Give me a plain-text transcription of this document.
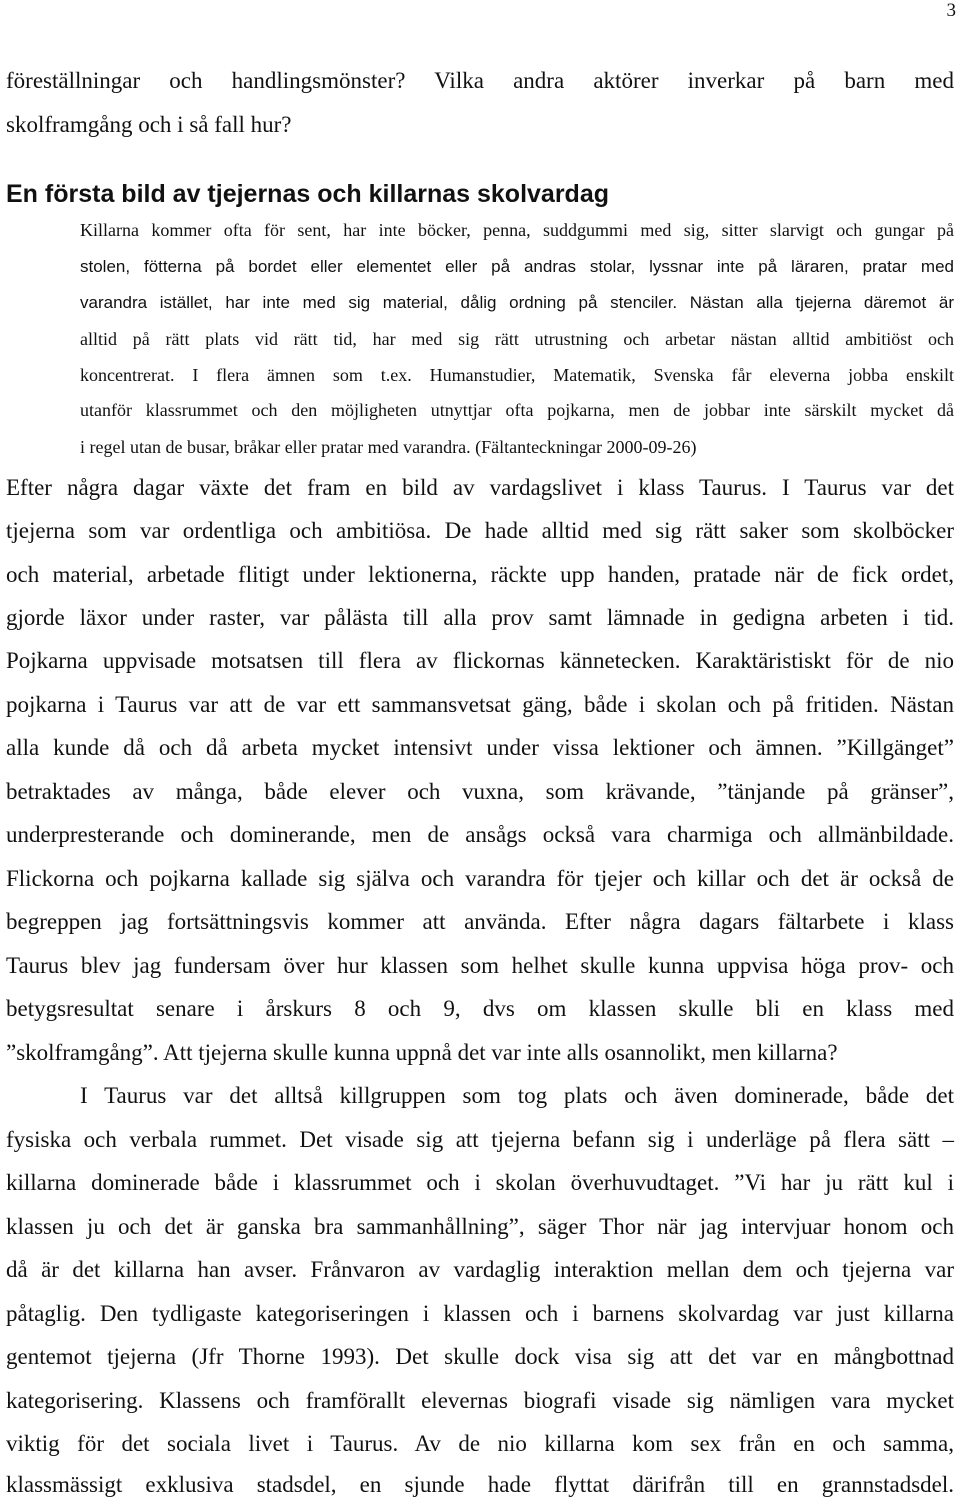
3

föreställningar och handlingsmönster? Vilka andra aktörer inverkar på barn med

skolframgång och i så fall hur?

En första bild av tjejernas och killarnas skolvardag

Killarna kommer ofta för sent, har inte böcker, penna, suddgummi med sig, sitter slarvigt och gungar på

stolen, fötterna på bordet eller elementet eller på andras stolar, lyssnar inte på läraren, pratar med

varandra istället, har inte med sig material, dålig ordning på stenciler. Nästan alla tjejerna däremot är

alltid på rätt plats vid rätt tid, har med sig rätt utrustning och arbetar nästan alltid ambitiöst och

koncentrerat. I flera ämnen som t.ex. Humanstudier, Matematik, Svenska får eleverna jobba enskilt

utanför klassrummet och den möjligheten utnyttjar ofta pojkarna, men de jobbar inte särskilt mycket då

i regel utan de busar, bråkar eller pratar med varandra. (Fältanteckningar 2000-09-26)

Efter några dagar växte det fram en bild av vardagslivet i klass Taurus. I Taurus var det

tjejerna som var ordentliga och ambitiösa. De hade alltid med sig rätt saker som skolböcker

och material, arbetade flitigt under lektionerna, räckte upp handen, pratade när de fick ordet,

gjorde läxor under raster, var pålästa till alla prov samt lämnade in gedigna arbeten i tid.

Pojkarna uppvisade motsatsen till flera av flickornas kännetecken. Karaktäristiskt för de nio

pojkarna i Taurus var att de var ett sammansvetsat gäng, både i skolan och på fritiden. Nästan

alla kunde då och då arbeta mycket intensivt under vissa lektioner och ämnen. ”Killgänget”

betraktades av många, både elever och vuxna, som krävande, ”tänjande på gränser”,

underpresterande och dominerande, men de ansågs också vara charmiga och allmänbildade.

Flickorna och pojkarna kallade sig själva och varandra för tjejer och killar och det är också de

begreppen jag fortsättningsvis kommer att använda. Efter några dagars fältarbete i klass

Taurus blev jag fundersam över hur klassen som helhet skulle kunna uppvisa höga prov- och

betygsresultat senare i årskurs 8 och 9, dvs om klassen skulle bli en klass med

”skolframgång”. Att tjejerna skulle kunna uppnå det var inte alls osannolikt, men killarna?

I Taurus var det alltså killgruppen som tog plats och även dominerade, både det

fysiska och verbala rummet. Det visade sig att tjejerna befann sig i underläge på flera sätt –

killarna dominerade både i klassrummet och i skolan överhuvudtaget. ”Vi har ju rätt kul i

klassen ju och det är ganska bra sammanhållning”, säger Thor när jag intervjuar honom och

då är det killarna han avser. Frånvaron av vardaglig interaktion mellan dem och tjejerna var

påtaglig. Den tydligaste kategoriseringen i klassen och i barnens skolvardag var just killarna

gentemot tjejerna (Jfr Thorne 1993). Det skulle dock visa sig att det var en mångbottnad

kategorisering. Klassens och framförallt elevernas biografi visade sig nämligen vara mycket

viktig för det sociala livet i Taurus. Av de nio killarna kom sex från en och samma,

klassmässigt exklusiva stadsdel, en sjunde hade flyttat därifrån till en grannstadsdel.
